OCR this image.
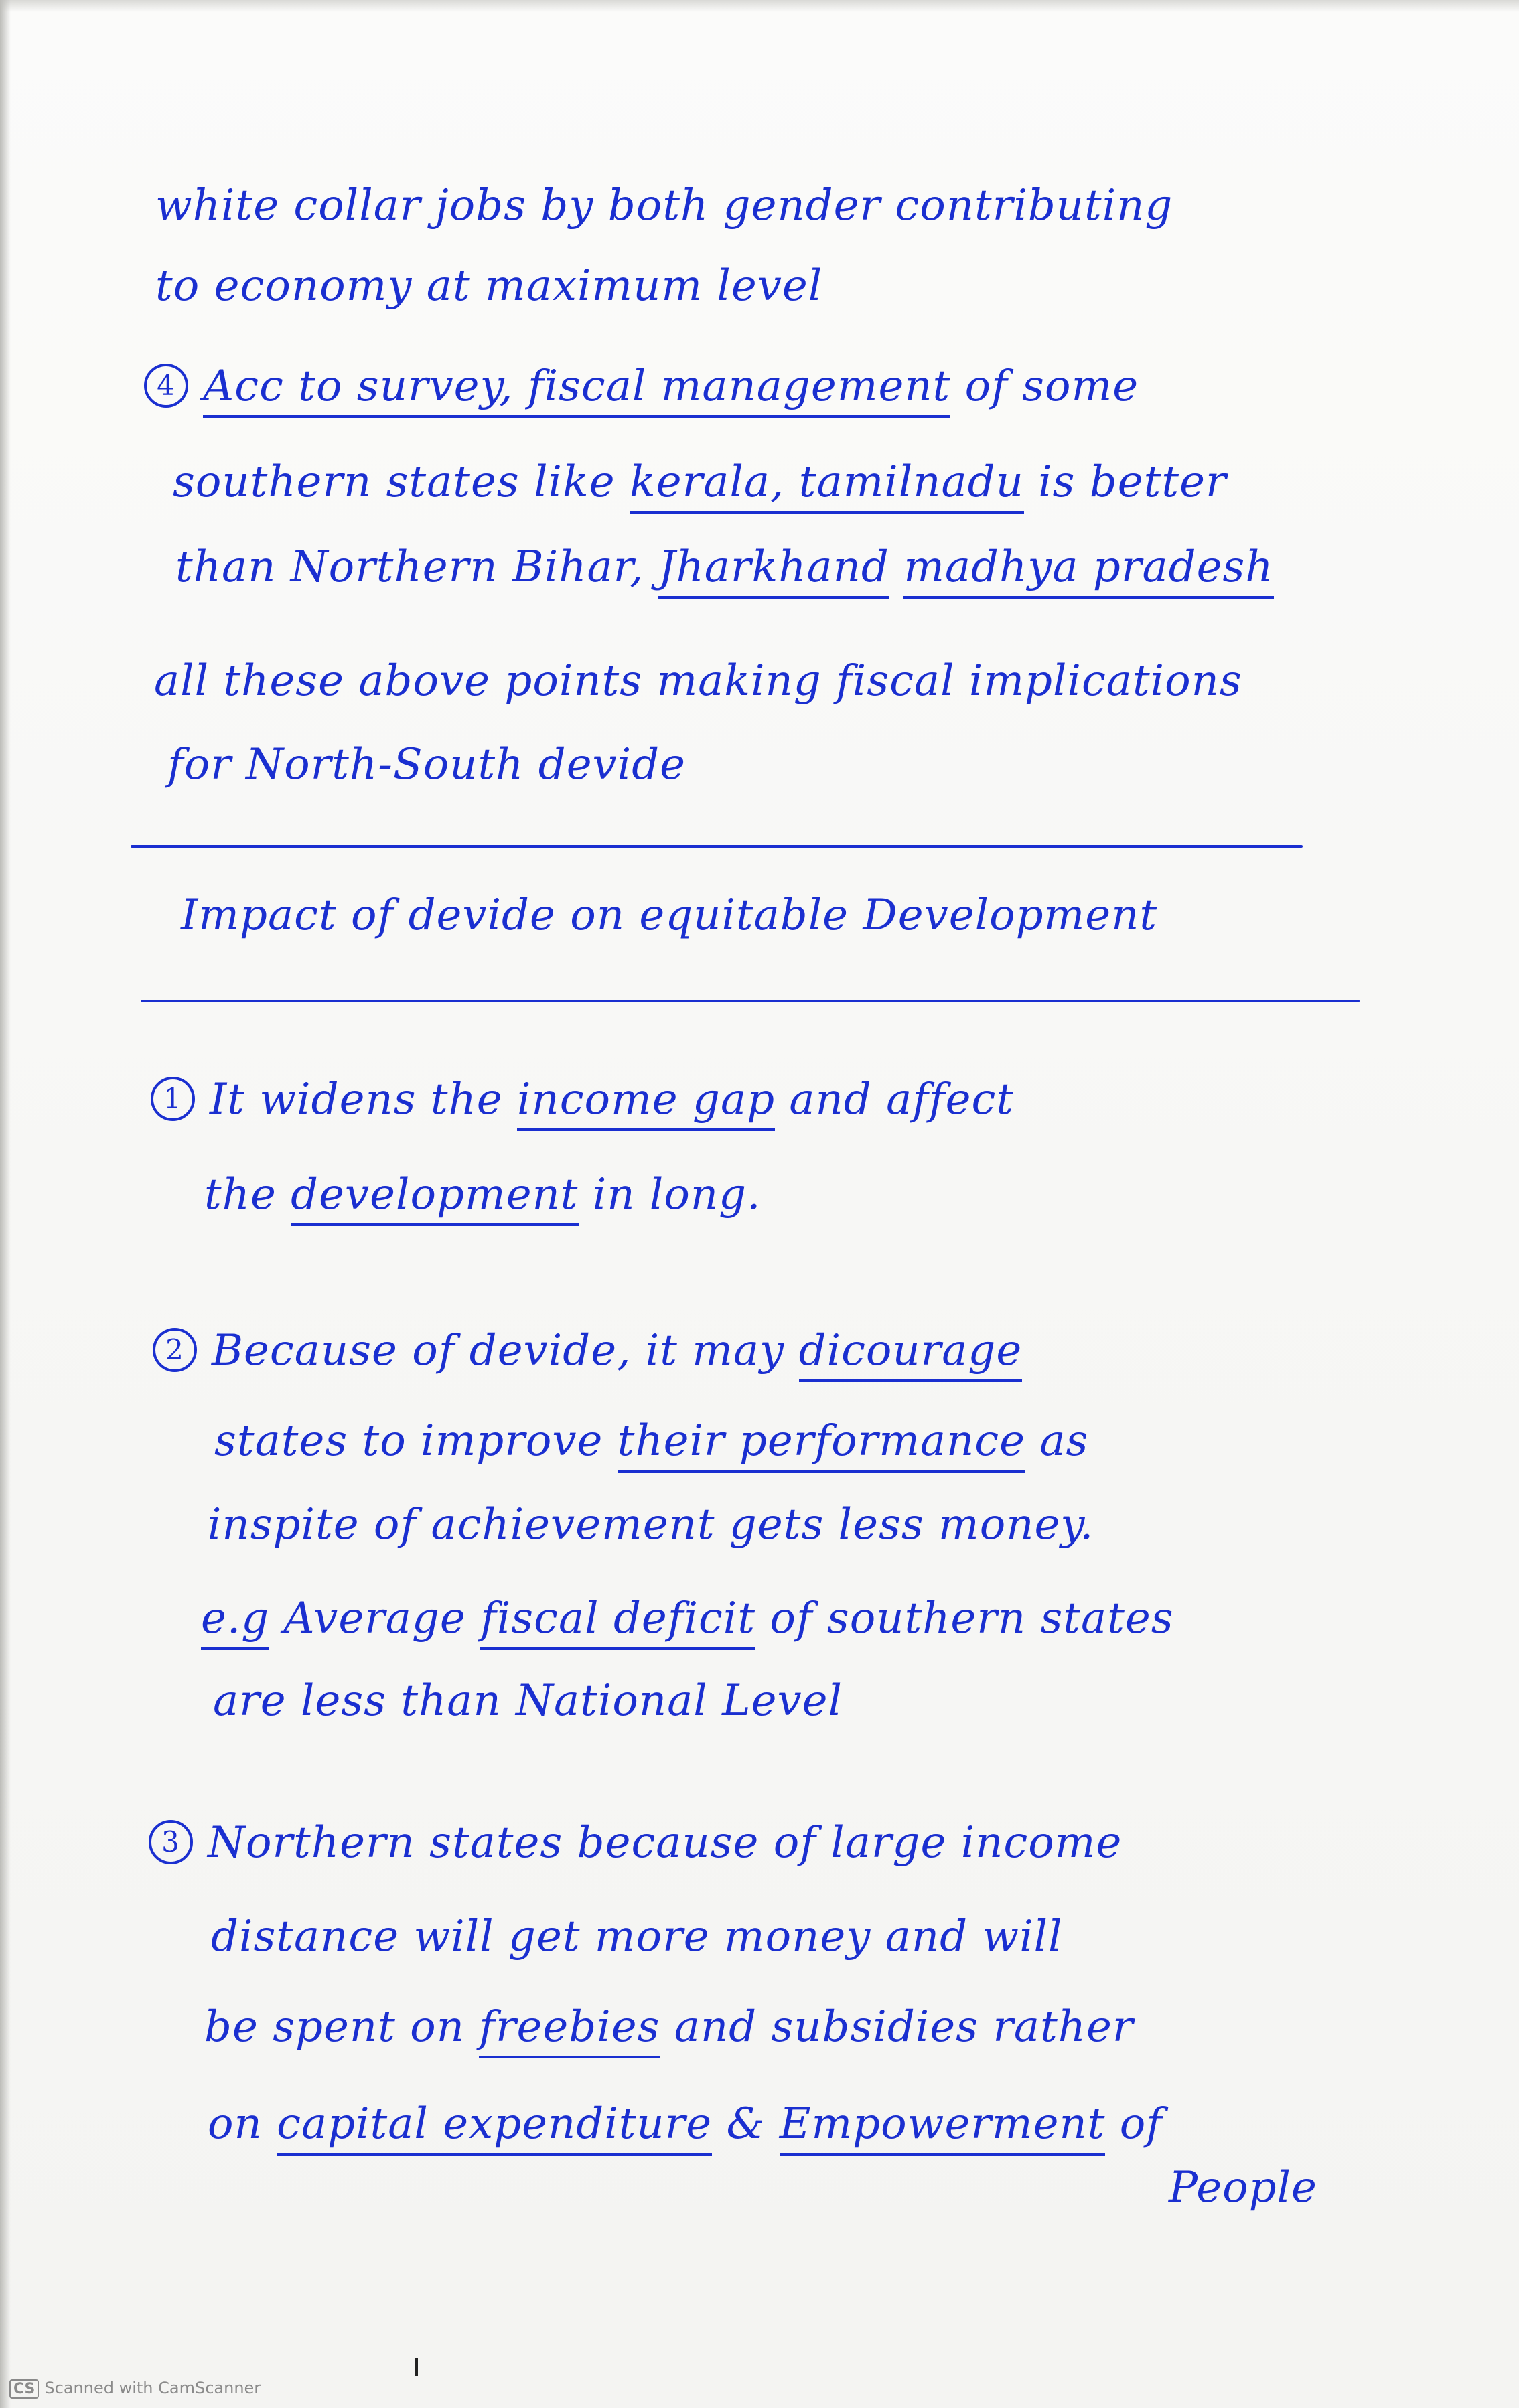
white collar jobs by both gender contributing
to economy at maximum level
4 Acc to survey, fiscal management of some
southern states like kerala, tamilnadu is better
than Northern Bihar, Jharkhand madhya pradesh
all these above points making fiscal implications
for North-South devide
Impact of devide on equitable Development
1 It widens the income gap and affect
the development in long.
2 Because of devide, it may dicourage
states to improve their performance as
inspite of achievement gets less money.
e.g Average fiscal deficit of southern states
are less than National Level
3 Northern states because of large income
distance will get more money and will
be spent on freebies and subsidies rather
on capital expenditure & Empowerment of
People
CS Scanned with CamScanner
